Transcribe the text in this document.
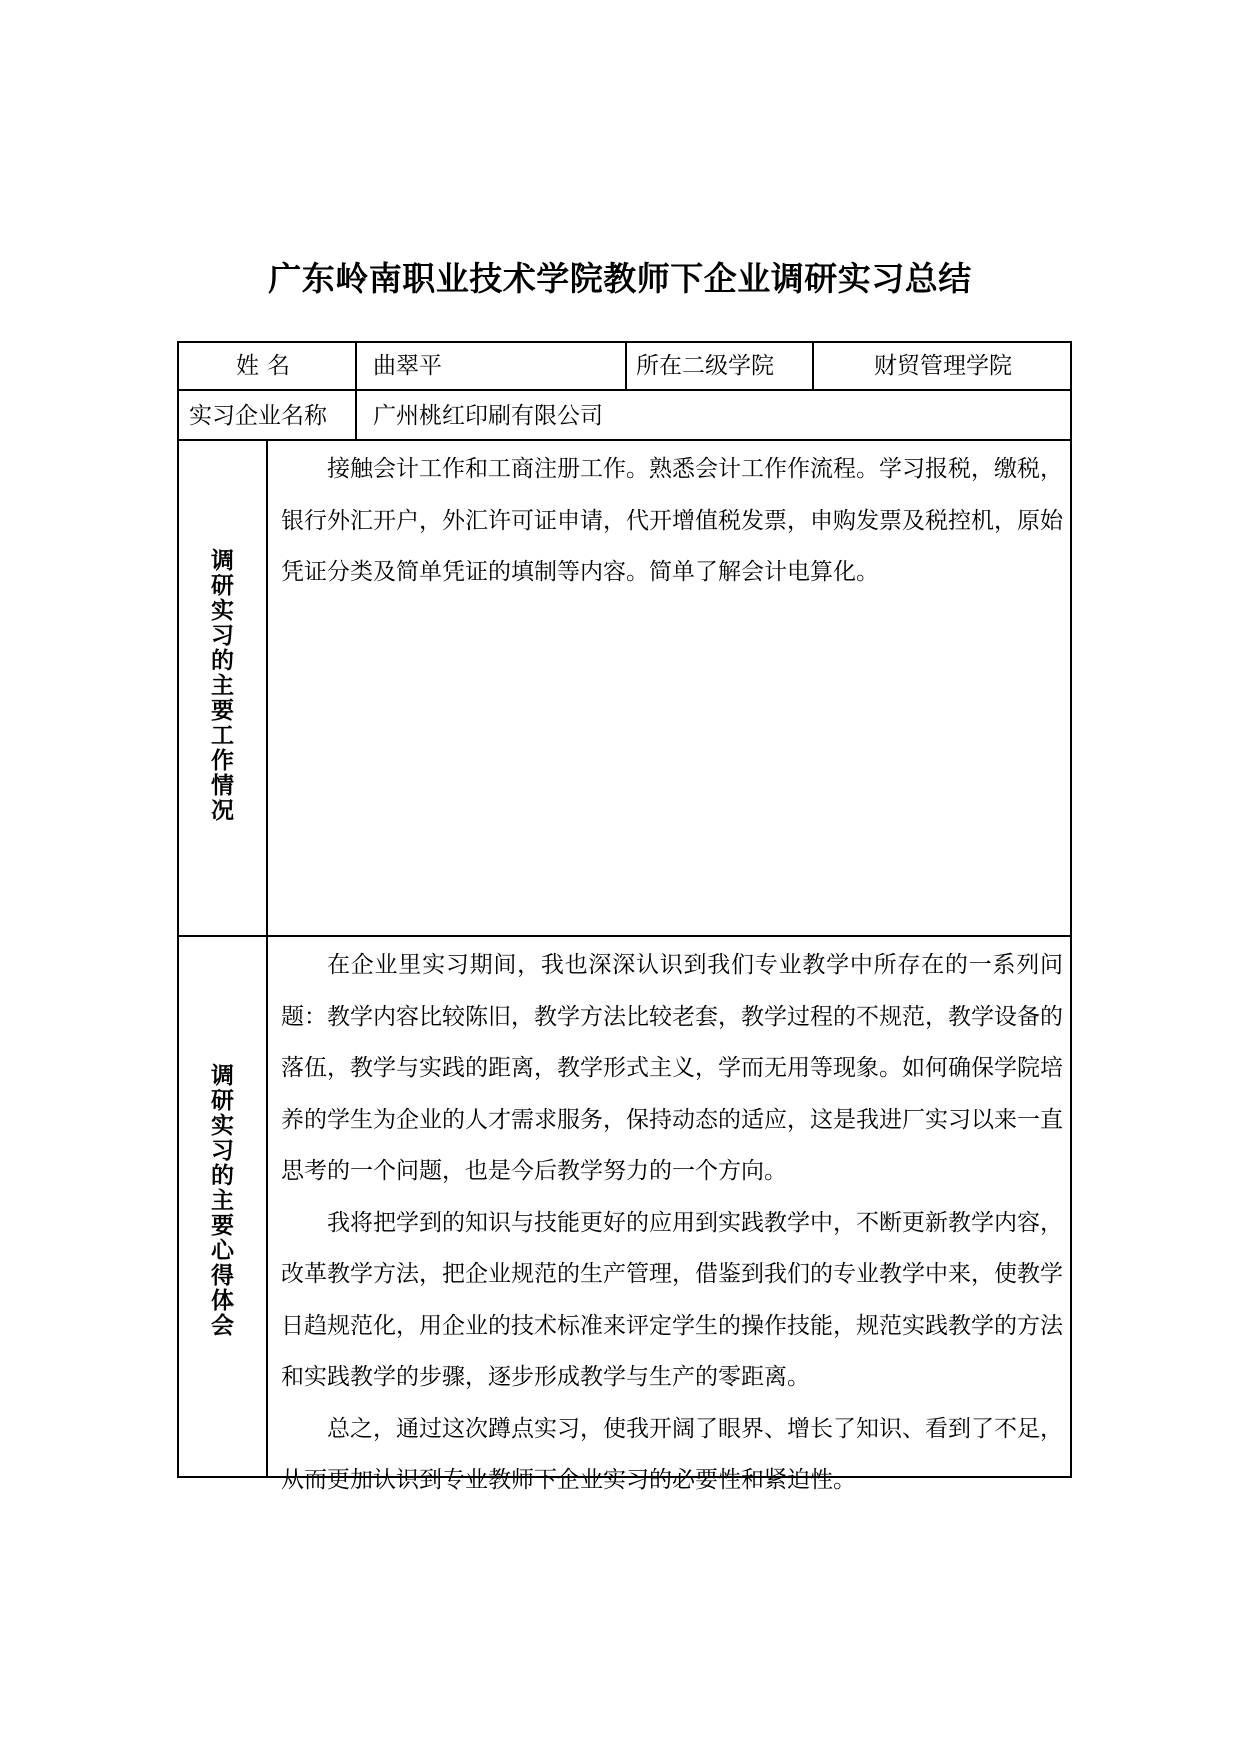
广东岭南职业技术学院教师下企业调研实习总结
姓名	曲翠平	所在二级学院	财贸管理学院
实习企业名称 广州桃红印刷有限公司
调研实习的主要工作情况

接触会计工作和工商注册工作。熟悉会计工作作流程。学习报税，缴税，银行外汇开户，外汇许可证申请，代开增值税发票，申购发票及税控机，原始凭证分类及简单凭证的填制等内容。简单了解会计电算化。

调研实习的主要心得体会

在企业里实习期间，我也深深认识到我们专业教学中所存在的一系列问题：教学内容比较陈旧，教学方法比较老套，教学过程的不规范，教学设备的落伍，教学与实践的距离，教学形式主义，学而无用等现象。如何确保学院培养的学生为企业的人才需求服务，保持动态的适应，这是我进厂实习以来一直思考的一个问题，也是今后教学努力的一个方向。

我将把学到的知识与技能更好的应用到实践教学中，不断更新教学内容，改革教学方法，把企业规范的生产管理，借鉴到我们的专业教学中来，使教学日趋规范化，用企业的技术标准来评定学生的操作技能，规范实践教学的方法和实践教学的步骤，逐步形成教学与生产的零距离。

总之，通过这次蹲点实习，使我开阔了眼界、增长了知识、看到了不足，从而更加认识到专业教师下企业实习的必要性和紧迫性。
